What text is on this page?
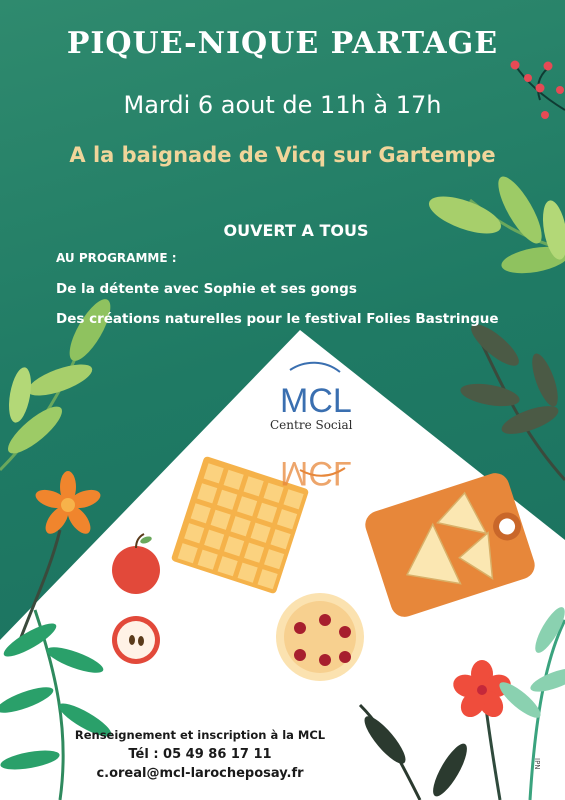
MCL
MCL
PIQUE-NIQUE PARTAGE
Mardi 6 aout de 11h à 17h
A la baignade de Vicq sur Gartempe
OUVERT A TOUS
AU PROGRAMME :
De la détente avec Sophie et ses gongs
Des créations naturelles pour le festival Folies Bastringue
Centre Social
Renseignement et inscription à la MCL
Tél : 05 49 86 17 11
c.oreal@mcl-larocheposay.fr
IPN
